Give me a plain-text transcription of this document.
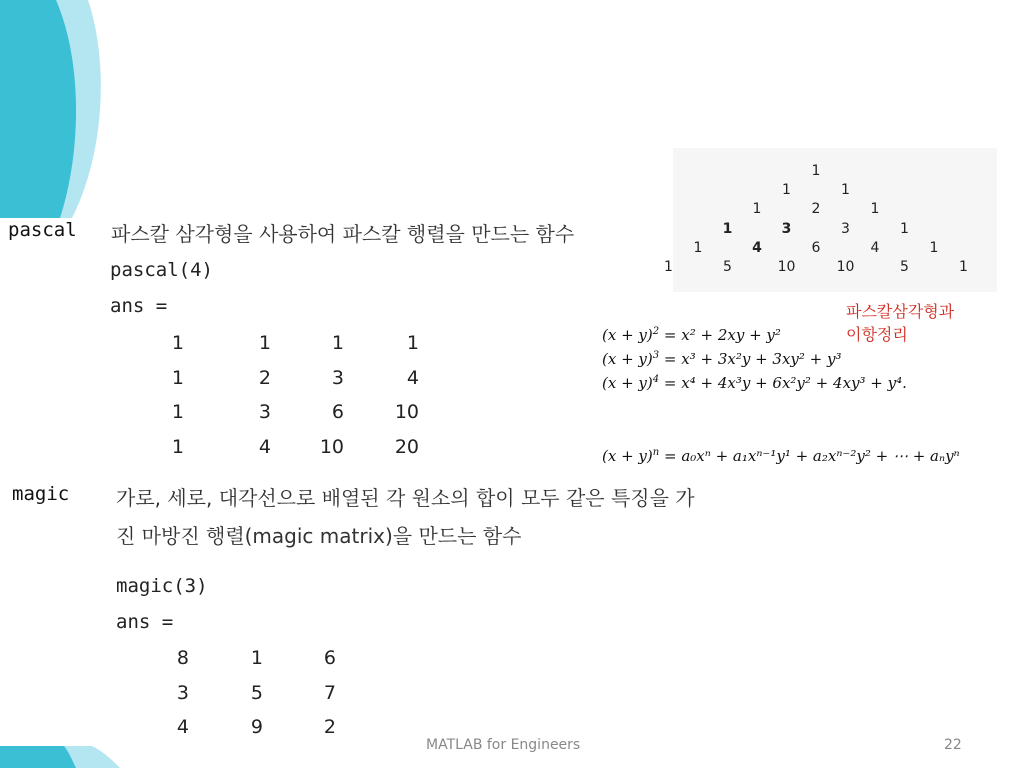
pascal 파스칼 삼각형을 사용하여 파스칼 행렬을 만드는 함수
pascal(4)
ans =
1	1	1	1
1	2	3	4
1	3	6	10
1	4	10	20
magic 가로, 세로, 대각선으로 배열된 각 원소의 합이 모두 같은 특징을 가
진 마방진 행렬(magic matrix)을 만드는 함수
magic(3)
ans =
8	1	6
3	5	7
4	9	2
1
1	1
1	2	1
1	3	3	1
1	4	6	4	1
1	5	10	10	5	1
파스칼삼각형과
이항정리
$(x + y)^2 = x^2 + 2xy + y^2$
$(x + y)^3 = x^3 + 3x^2y + 3xy^2 + y^3$
$(x + y)^4 = x^4 + 4x^3y + 6x^2y^2 + 4xy^3 + y^4$.
$(x + y)^n = a_0x^n + a_1x^{n-1}y^1 + a_2x^{n-2}y^2$ + ⋯ + aₙyⁿ
MATLAB for Engineers	22
